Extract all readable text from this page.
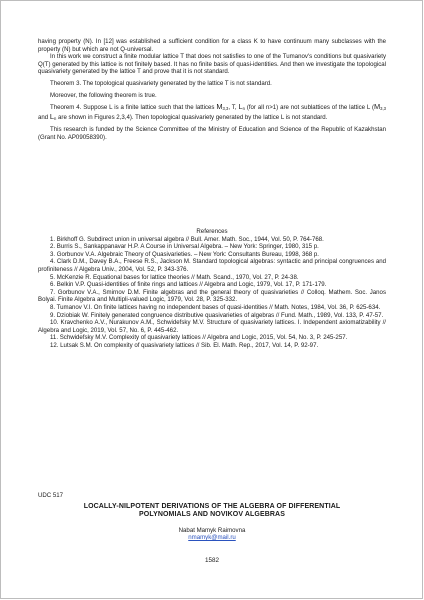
having property (N). In [12] was established a sufficient condition for a class K to have continuum many subclasses with the property (N) but which are not Q-universal.

In this work we construct a finite modular lattice T that does not satisfies to one of the Tumanov's conditions but quasivariety Q(T) generated by this lattice is not finitely based. It has no finite basis of quasi-identities. And then we investigate the topological quasivariety generated by the lattice T and prove that it is not standard.

Theorem 3. The topological quasivariety generated by the lattice T is not standard.

Moreover, the following theorem is true.

Theorem 4. Suppose L is a finite lattice such that the lattices $M_{3,3}$, T, $L_n$ (for all n>1) are not sublattices of the lattice L ($M_{3,3}$ and $L_n$ are shown in Figures 2,3,4). Then topological quasivariety generated by the lattice L is not standard.

This research is funded by the Science Committee of the Ministry of Education and Science of the Republic of Kazakhstan (Grant No. AP09058390).

References

1. Birkhoff G. Subdirect union in universal algebra // Bull. Amer. Math. Soc., 1944, Vol. 50, P. 764-768.

2. Burris S., Sankappanavar H.P. A Course in Universal Algebra. – New York: Springer, 1980, 315 p.

3. Gorbunov V.A. Algebraic Theory of Quasivarieties. – New York: Consultants Bureau, 1998, 368 p.

4. Clark D.M., Davey B.A., Freese R.S., Jackson M. Standard topological algebras: syntactic and principal congruences and profiniteness // Algebra Univ., 2004, Vol. 52, P. 343-376.

5. McKenzie R. Equational bases for lattice theories // Math. Scand., 1970, Vol. 27, P. 24-38.

6. Belkin V.P. Quasi-identities of finite rings and lattices // Algebra and Logic, 1979, Vol. 17, P. 171-179.

7. Gorbunov V.A., Smirnov D.M. Finite algebras and the general theory of quasivarieties // Colloq. Mathem. Soc. Janos Bolyai. Finite Algebra and Multipli-valued Logic, 1979, Vol. 28, P. 325-332.

8. Tumanov V.I. On finite lattices having no independent bases of quasi-identities // Math. Notes, 1984, Vol. 36, P. 625-634.

9. Dziobiak W. Finitely generated congruence distributive quasivarieties of algebras // Fund. Math., 1989, Vol. 133, P. 47-57.

10. Kravchenko A.V., Nurakunov A.M., Schwidefsky M.V. Structure of quasivariety lattices. I. Independent axiomatizability // Algebra and Logic, 2019, Vol. 57, No. 6, P. 445-462.

11. Schwidefsky M.V. Complexity of quasivariety lattices // Algebra and Logic, 2015, Vol. 54, No. 3, P. 245-257.

12. Lutsak S.M. On complexity of quasivariety lattices // Sib. El. Math. Rep., 2017, Vol. 14, P. 92-97.

UDC 517

LOCALLY-NILPOTENT DERIVATIONS OF THE ALGEBRA OF DIFFERENTIAL
POLYNOMIALS AND NOVIKOV ALGEBRAS

Nabat Mamyk Raimovna

nmamyk@mail.ru

1582
